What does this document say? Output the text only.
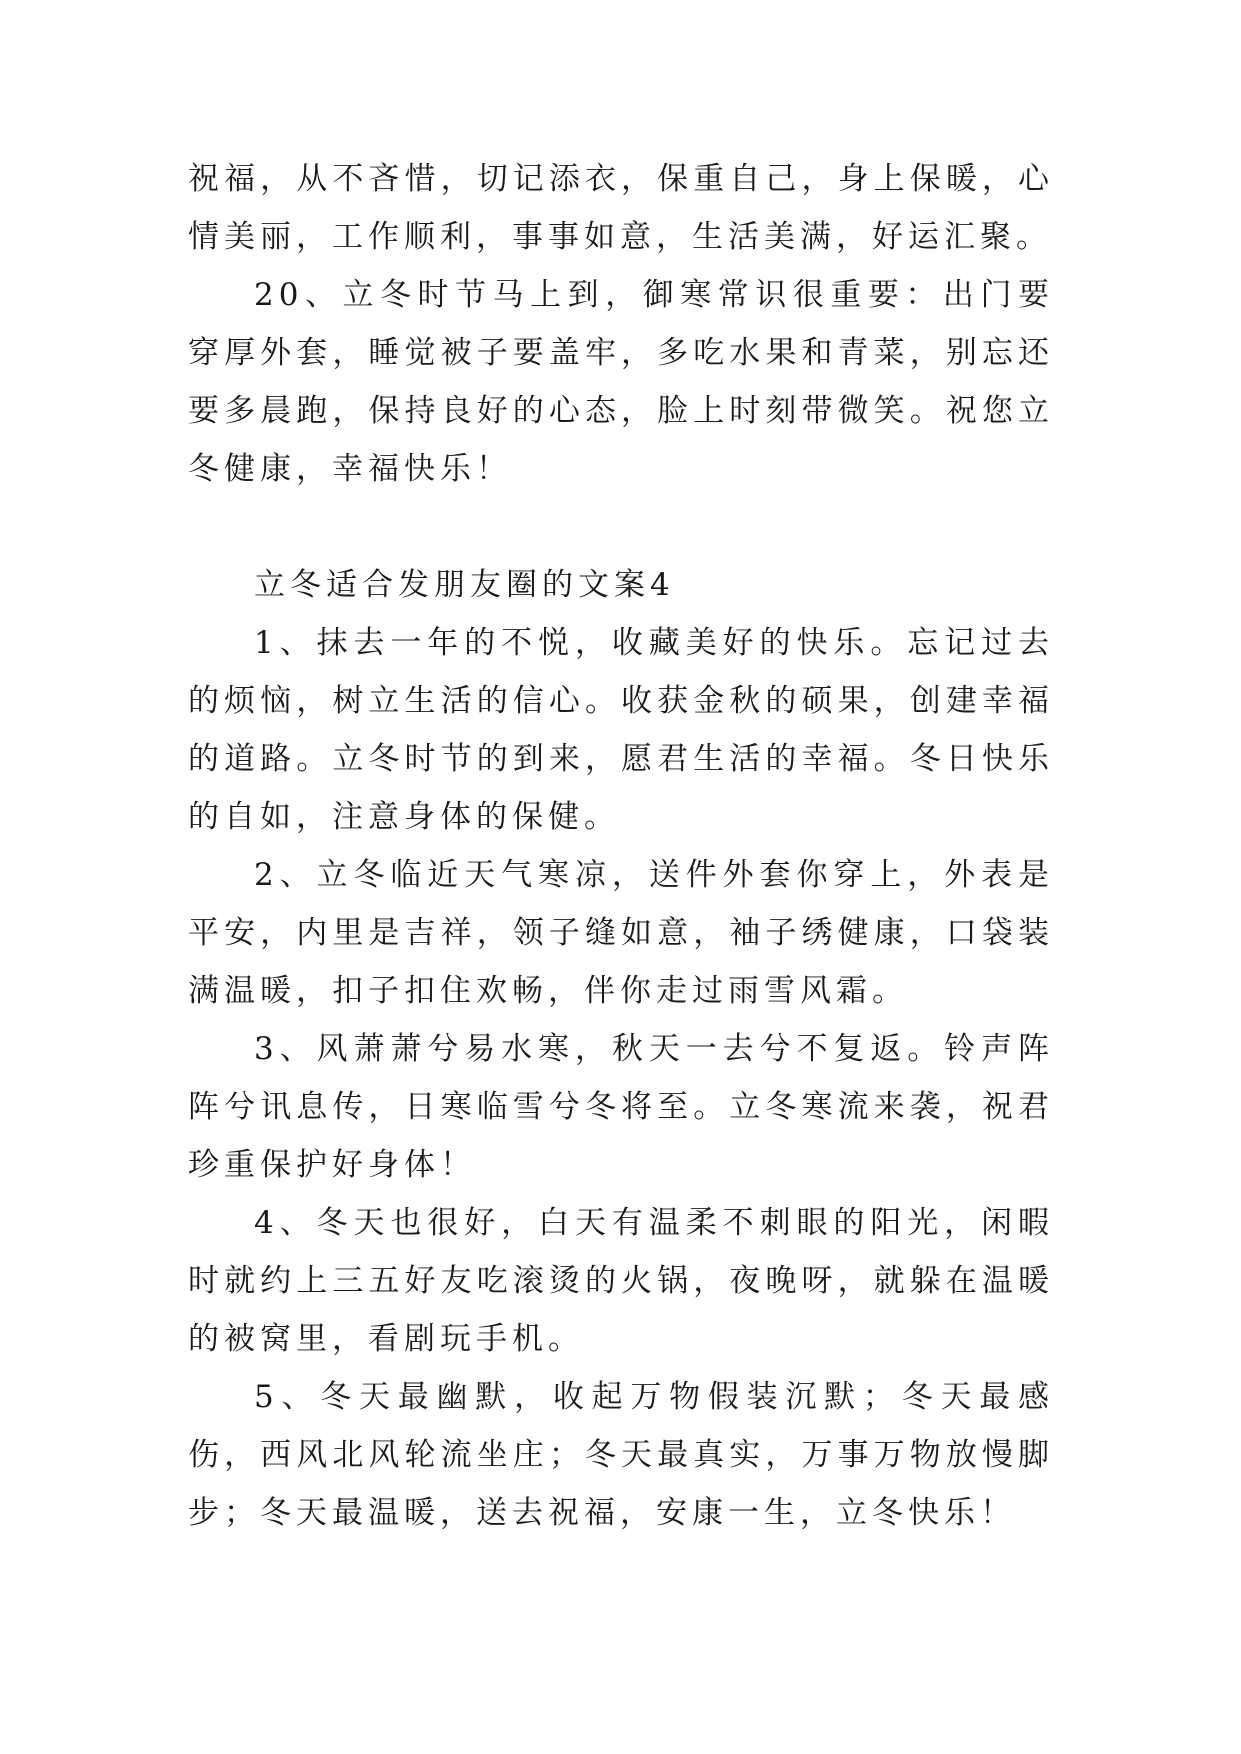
祝福，从不吝惜，切记添衣，保重自己，身上保暖，心情美丽，工作顺利，事事如意，生活美满，好运汇聚。

20、立冬时节马上到，御寒常识很重要：出门要穿厚外套，睡觉被子要盖牢，多吃水果和青菜，别忘还要多晨跑，保持良好的心态，脸上时刻带微笑。祝您立冬健康，幸福快乐！

立冬适合发朋友圈的文案4

1、抹去一年的不悦，收藏美好的快乐。忘记过去的烦恼，树立生活的信心。收获金秋的硕果，创建幸福的道路。立冬时节的到来，愿君生活的幸福。冬日快乐的自如，注意身体的保健。

2、立冬临近天气寒凉，送件外套你穿上，外表是平安，内里是吉祥，领子缝如意，袖子绣健康，口袋装满温暖，扣子扣住欢畅，伴你走过雨雪风霜。

3、风萧萧兮易水寒，秋天一去兮不复返。铃声阵阵兮讯息传，日寒临雪兮冬将至。立冬寒流来袭，祝君珍重保护好身体！

4、冬天也很好，白天有温柔不刺眼的阳光，闲暇时就约上三五好友吃滚烫的火锅，夜晚呀，就躲在温暖的被窝里，看剧玩手机。

5、冬天最幽默，收起万物假装沉默；冬天最感伤，西风北风轮流坐庄；冬天最真实，万事万物放慢脚步；冬天最温暖，送去祝福，安康一生，立冬快乐！
